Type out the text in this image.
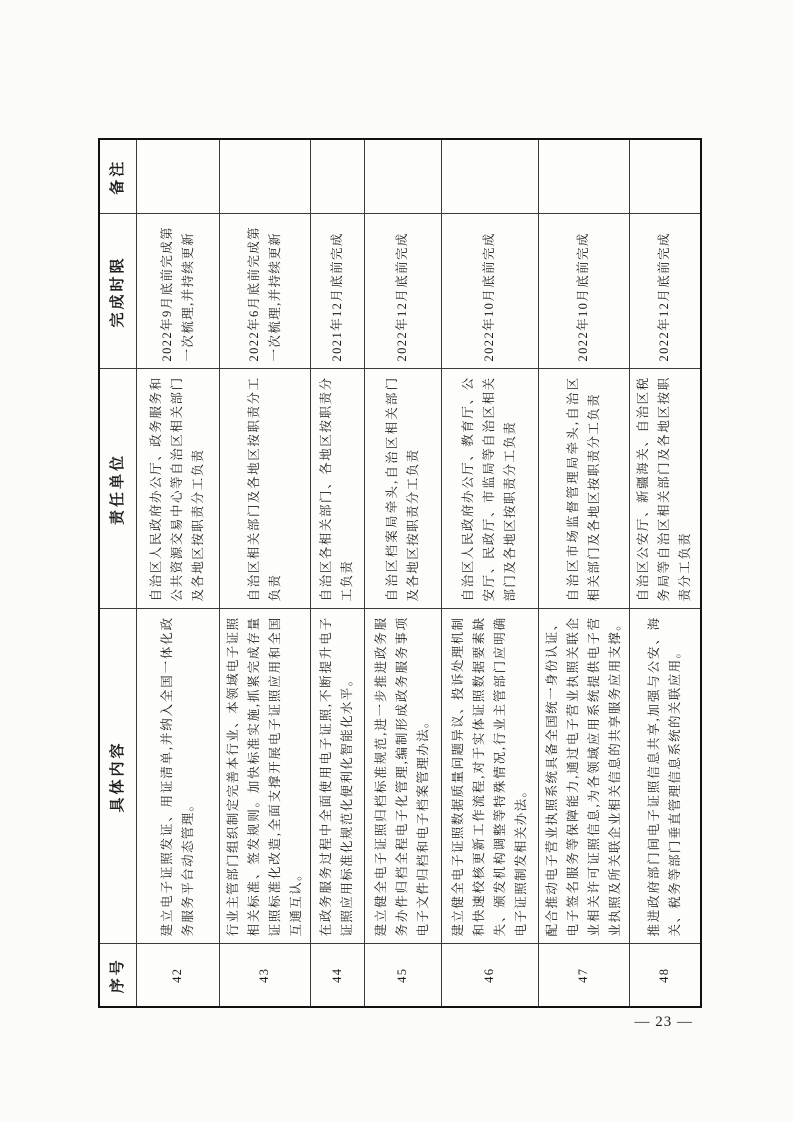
序号	具体内容	责任单位	完成时限	备注
42	建立电子证照发证、用证清单,并纳入全国一体化政务服务平台动态管理。	自治区人民政府办公厅、政务服务和公共资源交易中心等自治区相关部门及各地区按职责分工负责	2022年9月底前完成第一次梳理,并持续更新	
43	行业主管部门组织制定完善本行业、本领域电子证照相关标准、签发规则。加快标准实施,抓紧完成存量证照标准化改造,全面支撑开展电子证照应用和全国互通互认。	自治区相关部门及各地区按职责分工负责	2022年6月底前完成第一次梳理,并持续更新	
44	在政务服务过程中全面使用电子证照,不断提升电子证照应用标准化规范化便利化智能化水平。	自治区各相关部门、各地区按职责分工负责	2021年12月底前完成	
45	建立健全电子证照归档标准规范,进一步推进政务服务办件归档全程电子化管理,编制形成政务服务事项电子文件归档和电子档案管理办法。	自治区档案局牵头,自治区相关部门及各地区按职责分工负责	2022年12月底前完成	
46	建立健全电子证照数据质量问题异议、投诉处理机制和快速校核更新工作流程,对于实体证照数据要素缺失、颁发机构调整等特殊情况,行业主管部门应明确电子证照制发相关办法。	自治区人民政府办公厅、教育厅、公安厅、民政厅、市监局等自治区相关部门及各地区按职责分工负责	2022年10月底前完成	
47	配合推动电子营业执照系统具备全国统一身份认证、电子签名服务等保障能力,通过电子营业执照关联企业相关许可证照信息,为各领域应用系统提供电子营业执照及所关联企业相关信息的共享服务应用支撑。	自治区市场监督管理局牵头,自治区相关部门及各地区按职责分工负责	2022年10月底前完成	
48	推进政府部门间电子证照信息共享,加强与公安、海关、税务等部门垂直管理信息系统的关联应用。	自治区公安厅、新疆海关、自治区税务局等自治区相关部门及各地区按职责分工负责	2022年12月底前完成	
— 23 —
